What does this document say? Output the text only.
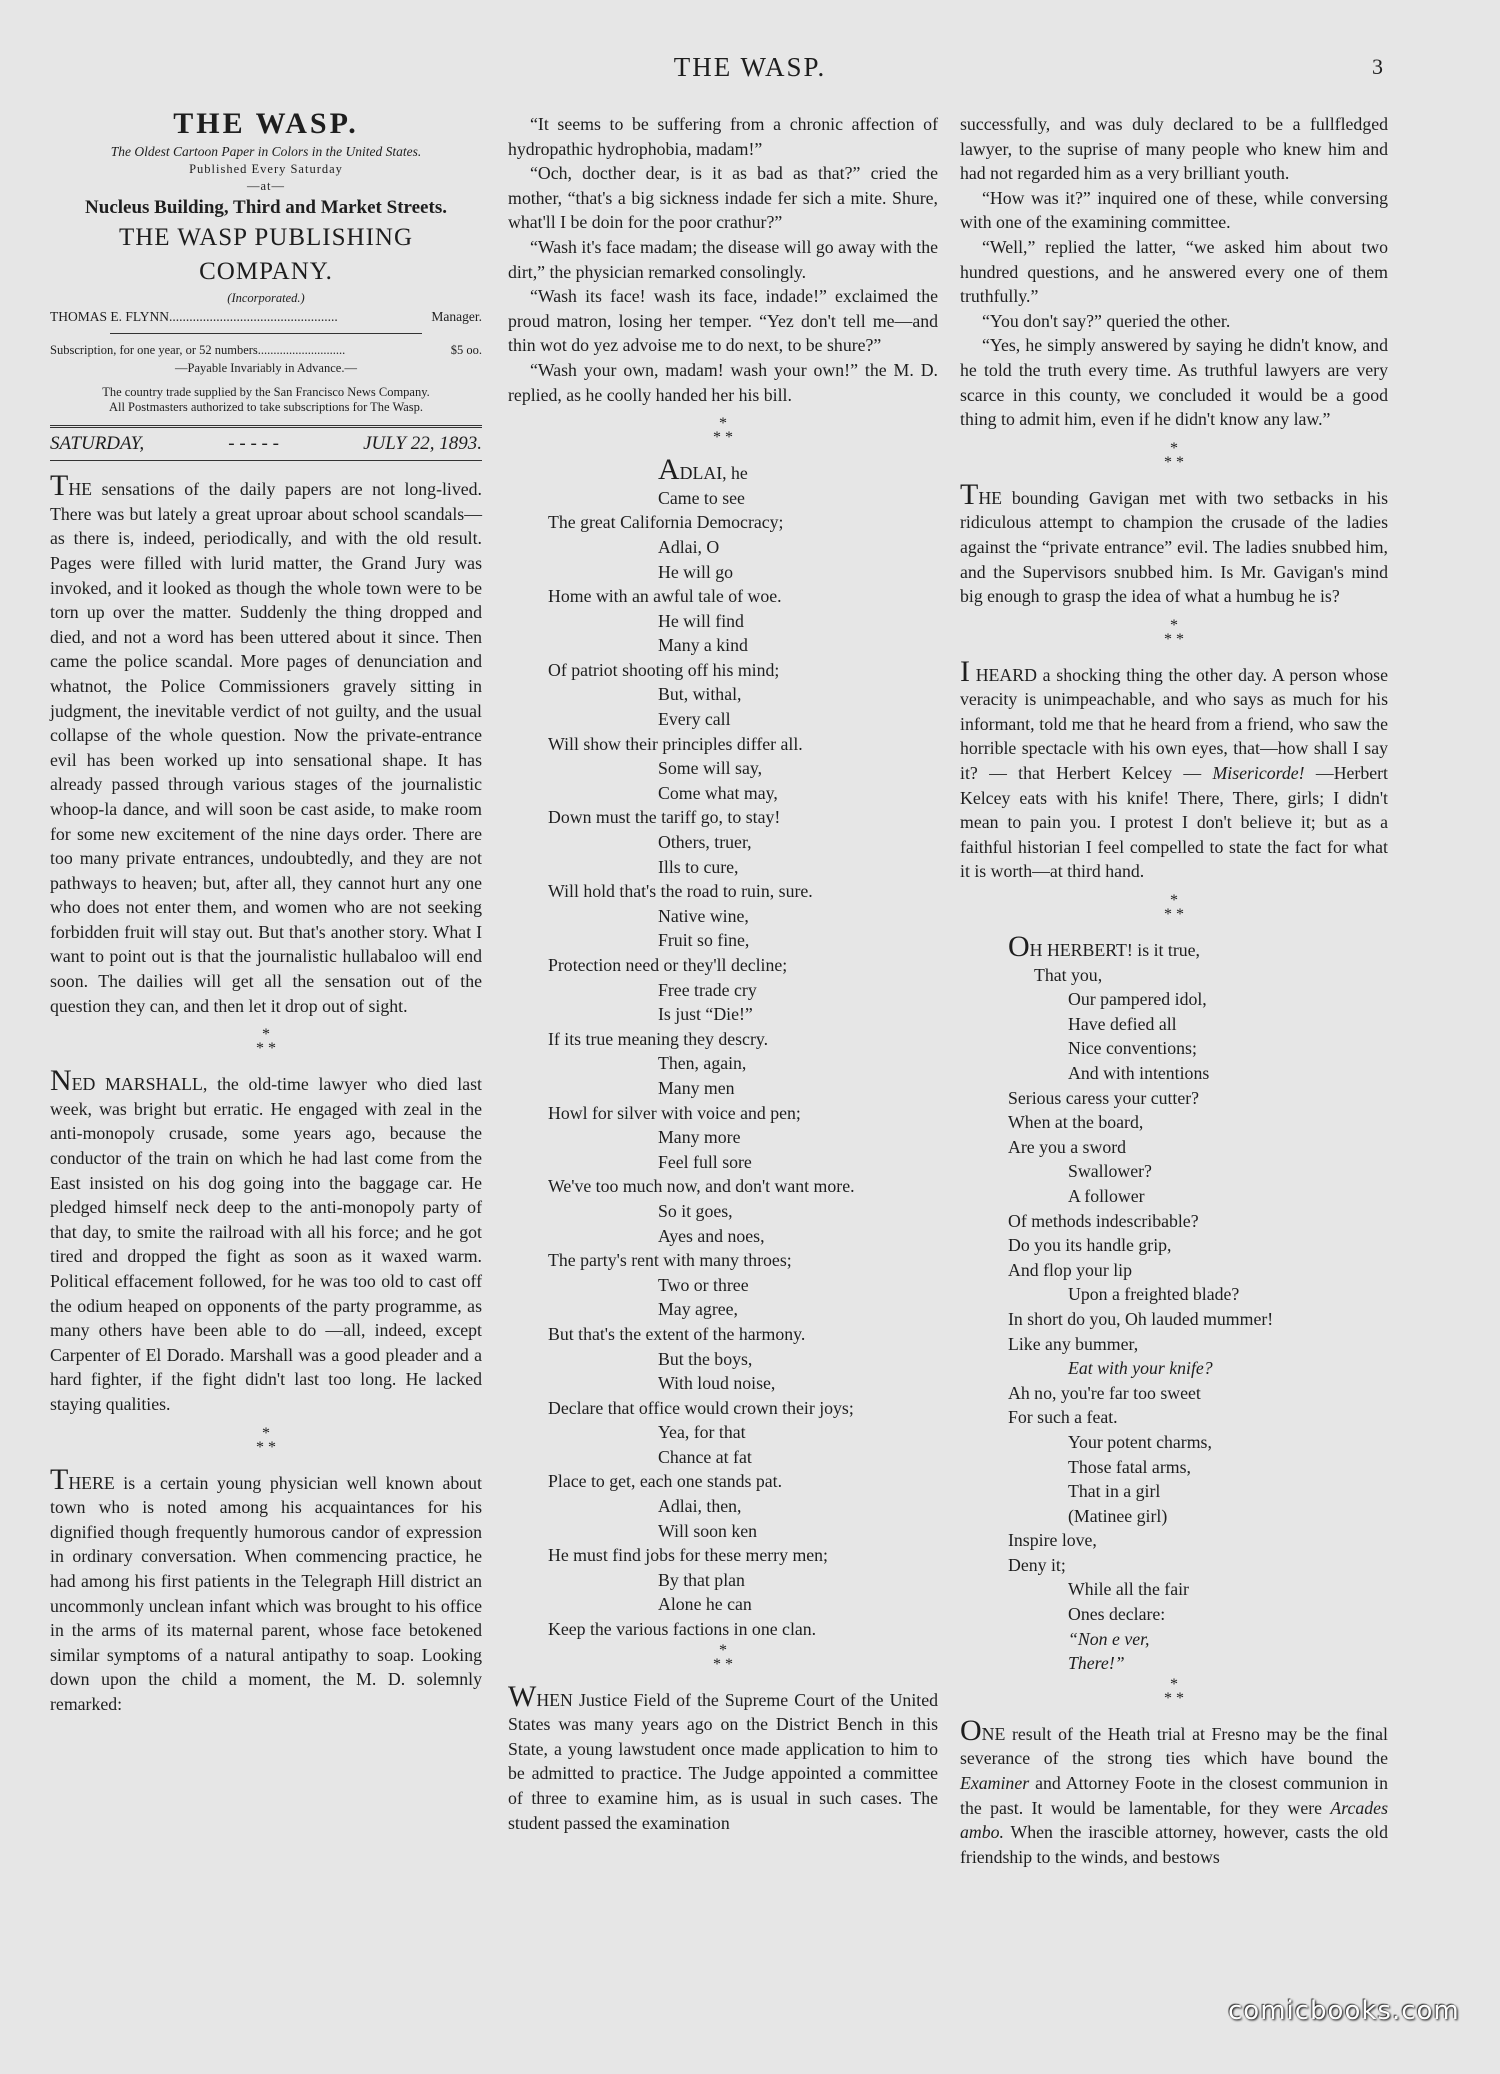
THE WASP.	3
THE WASP.
The Oldest Cartoon Paper in Colors in the United States.
Published Every Saturday
—at—
Nucleus Building, Third and Market Streets.
THE WASP PUBLISHING COMPANY.
(Incorporated.)
THOMAS E. FLYNN ..................................................	Manager.
Subscription, for one year, or 52 numbers ............................	$5 oo.
—Payable Invariably in Advance.—
The country trade supplied by the San Francisco News Company.
All Postmasters authorized to take subscriptions for The Wasp.
SATURDAY,	- - - - -	JULY 22, 1893.

THE sensations of the daily papers are not long-lived. There was but lately a great uproar about school scandals—as there is, indeed, periodically, and with the old result. Pages were filled with lurid matter, the Grand Jury was invoked, and it looked as though the whole town were to be torn up over the matter. Suddenly the thing dropped and died, and not a word has been uttered about it since. Then came the police scandal. More pages of denunciation and whatnot, the Police Commissioners gravely sitting in judgment, the inevitable verdict of not guilty, and the usual collapse of the whole question. Now the private-entrance evil has been worked up into sensational shape. It has already passed through various stages of the journalistic whoop-la dance, and will soon be cast aside, to make room for some new excitement of the nine days order. There are too many private entrances, undoubtedly, and they are not pathways to heaven; but, after all, they cannot hurt any one who does not enter them, and women who are not seeking forbidden fruit will stay out. But that's another story. What I want to point out is that the journalistic hullabaloo will end soon. The dailies will get all the sensation out of the question they can, and then let it drop out of sight.

*
* *

NED MARSHALL, the old-time lawyer who died last week, was bright but erratic. He engaged with zeal in the anti-monopoly crusade, some years ago, because the conductor of the train on which he had last come from the East insisted on his dog going into the baggage car. He pledged himself neck deep to the anti-monopoly party of that day, to smite the railroad with all his force; and he got tired and dropped the fight as soon as it waxed warm. Political effacement followed, for he was too old to cast off the odium heaped on opponents of the party programme, as many others have been able to do —all, indeed, except Carpenter of El Dorado. Marshall was a good pleader and a hard fighter, if the fight didn't last too long. He lacked staying qualities.

*
* *

THERE is a certain young physician well known about town who is noted among his acquaintances for his dignified though frequently humorous candor of expression in ordinary conversation. When commencing practice, he had among his first patients in the Telegraph Hill district an uncommonly unclean infant which was brought to his office in the arms of its maternal parent, whose face betokened similar symptoms of a natural antipathy to soap. Looking down upon the child a moment, the M. D. solemnly remarked:

“It seems to be suffering from a chronic affection of hydropathic hydrophobia, madam!”

“Och, docther dear, is it as bad as that?” cried the mother, “that's a big sickness indade fer sich a mite. Shure, what'll I be doin for the poor crathur?”

“Wash it's face madam; the disease will go away with the dirt,” the physician remarked consolingly.

“Wash its face! wash its face, indade!” exclaimed the proud matron, losing her temper. “Yez don't tell me—and thin wot do yez advoise me to do next, to be shure?”

“Wash your own, madam! wash your own!” the M. D. replied, as he coolly handed her his bill.

*
* *
ADLAI, he
Came to see
The great California Democracy;
Adlai, O
He will go
Home with an awful tale of woe.
He will find
Many a kind
Of patriot shooting off his mind;
But, withal,
Every call
Will show their principles differ all.
Some will say,
Come what may,
Down must the tariff go, to stay!
Others, truer,
Ills to cure,
Will hold that's the road to ruin, sure.
Native wine,
Fruit so fine,
Protection need or they'll decline;
Free trade cry
Is just “Die!”
If its true meaning they descry.
Then, again,
Many men
Howl for silver with voice and pen;
Many more
Feel full sore
We've too much now, and don't want more.
So it goes,
Ayes and noes,
The party's rent with many throes;
Two or three
May agree,
But that's the extent of the harmony.
But the boys,
With loud noise,
Declare that office would crown their joys;
Yea, for that
Chance at fat
Place to get, each one stands pat.
Adlai, then,
Will soon ken
He must find jobs for these merry men;
By that plan
Alone he can
Keep the various factions in one clan.
*
* *

WHEN Justice Field of the Supreme Court of the United States was many years ago on the District Bench in this State, a young lawstudent once made application to him to be admitted to practice. The Judge appointed a committee of three to examine him, as is usual in such cases. The student passed the examination

successfully, and was duly declared to be a fullfledged lawyer, to the suprise of many people who knew him and had not regarded him as a very brilliant youth.

“How was it?” inquired one of these, while conversing with one of the examining committee.

“Well,” replied the latter, “we asked him about two hundred questions, and he answered every one of them truthfully.”

“You don't say?” queried the other.

“Yes, he simply answered by saying he didn't know, and he told the truth every time. As truthful lawyers are very scarce in this county, we concluded it would be a good thing to admit him, even if he didn't know any law.”

*
* *

THE bounding Gavigan met with two setbacks in his ridiculous attempt to champion the crusade of the ladies against the “private entrance” evil. The ladies snubbed him, and the Supervisors snubbed him. Is Mr. Gavigan's mind big enough to grasp the idea of what a humbug he is?

*
* *

I HEARD a shocking thing the other day. A person whose veracity is unimpeachable, and who says as much for his informant, told me that he heard from a friend, who saw the horrible spectacle with his own eyes, that—how shall I say it? — that Herbert Kelcey — Misericorde! —Herbert Kelcey eats with his knife! There, There, girls; I didn't mean to pain you. I protest I don't believe it; but as a faithful historian I feel compelled to state the fact for what it is worth—at third hand.

*
* *
OH HERBERT! is it true,
That you,
Our pampered idol,
Have defied all
Nice conventions;
And with intentions
Serious caress your cutter?
When at the board,
Are you a sword
Swallower?
A follower
Of methods indescribable?
Do you its handle grip,
And flop your lip
Upon a freighted blade?
In short do you, Oh lauded mummer!
Like any bummer,
Eat with your knife?
Ah no, you're far too sweet
For such a feat.
Your potent charms,
Those fatal arms,
That in a girl
(Matinee girl)
Inspire love,
Deny it;
While all the fair
Ones declare:
“Non e ver,
There!”
*
* *

ONE result of the Heath trial at Fresno may be the final severance of the strong ties which have bound the Examiner and Attorney Foote in the closest communion in the past. It would be lamentable, for they were Arcades ambo. When the irascible attorney, however, casts the old friendship to the winds, and bestows

comicbooks.com
